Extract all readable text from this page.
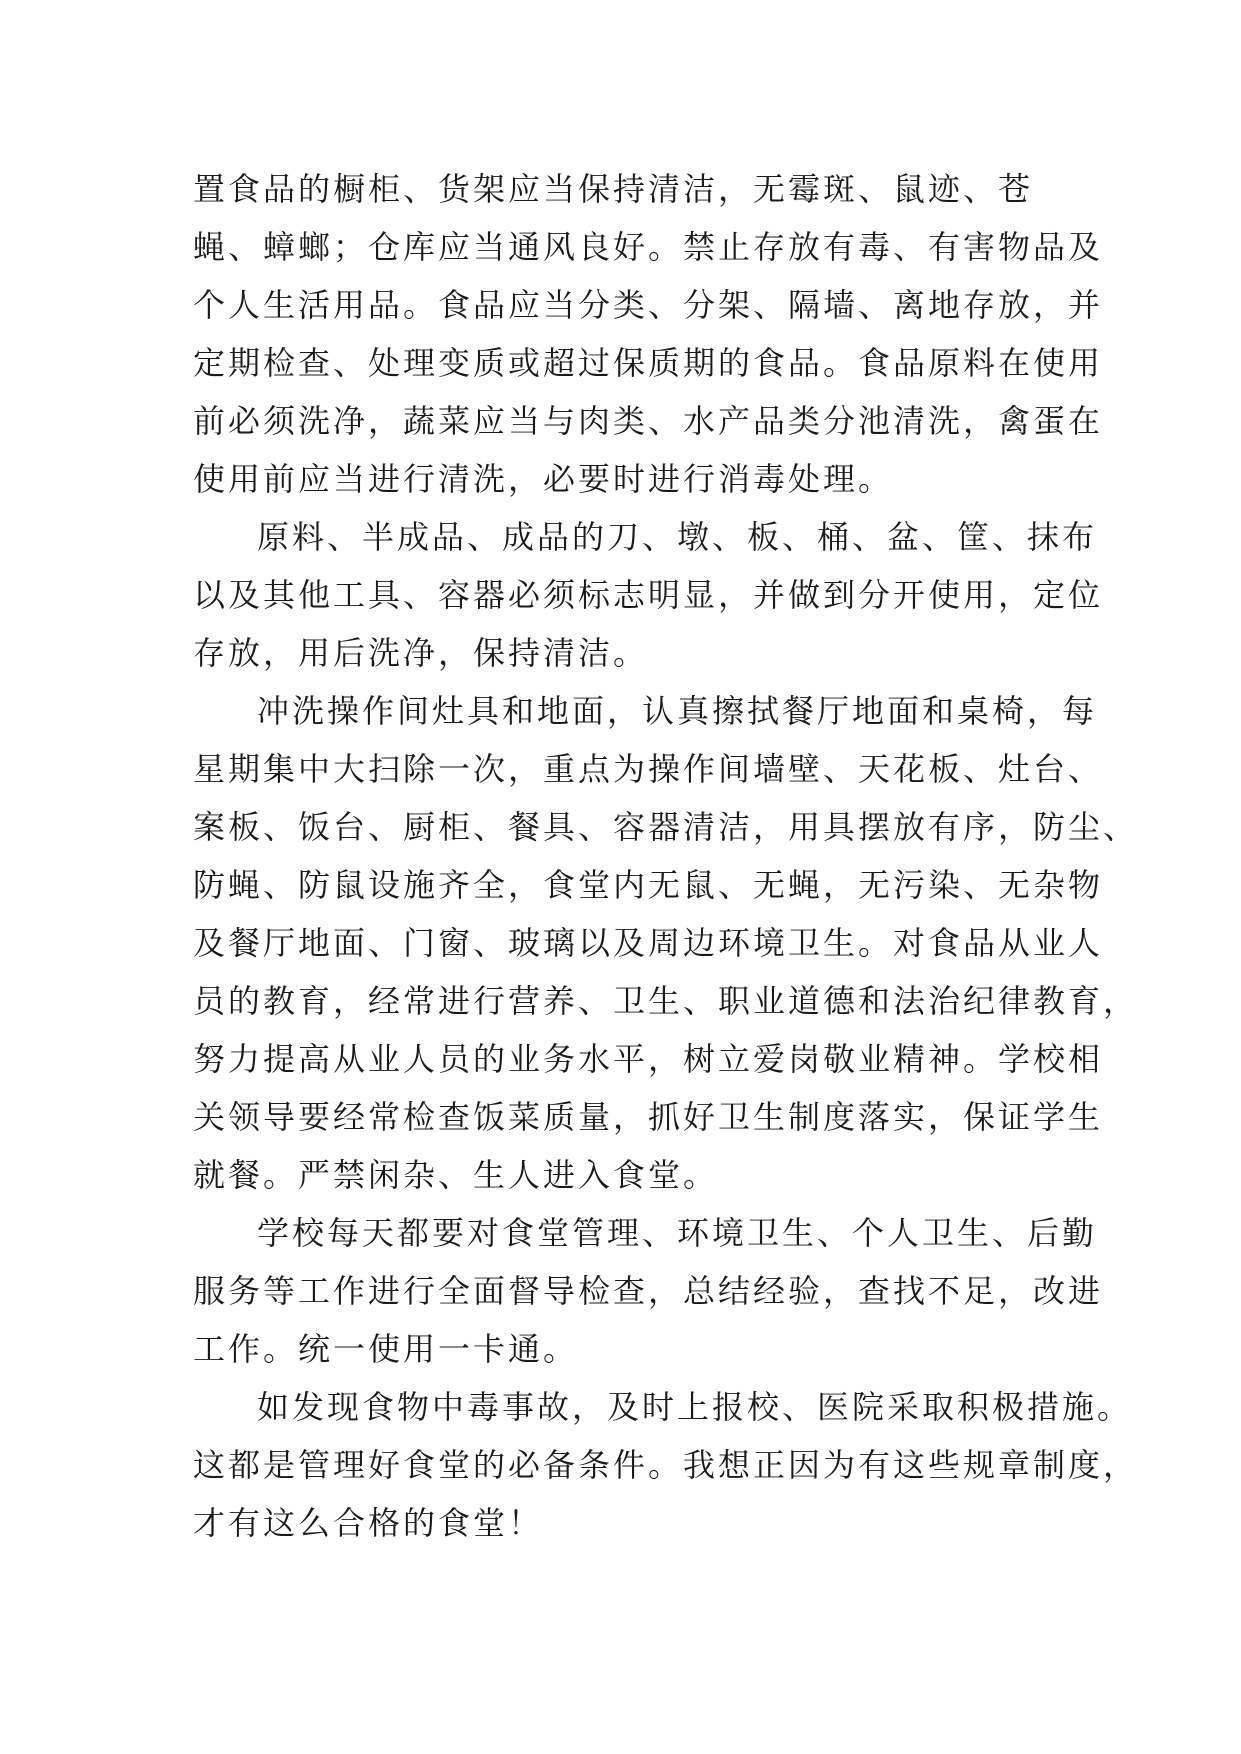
置食品的橱柜、货架应当保持清洁，无霉斑、鼠迹、苍
蝇、蟑螂；仓库应当通风良好。禁止存放有毒、有害物品及
个人生活用品。食品应当分类、分架、隔墙、离地存放，并
定期检查、处理变质或超过保质期的食品。食品原料在使用
前必须洗净，蔬菜应当与肉类、水产品类分池清洗，禽蛋在
使用前应当进行清洗，必要时进行消毒处理。
原料、半成品、成品的刀、墩、板、桶、盆、筐、抹布
以及其他工具、容器必须标志明显，并做到分开使用，定位
存放，用后洗净，保持清洁。
冲洗操作间灶具和地面，认真擦拭餐厅地面和桌椅，每
星期集中大扫除一次，重点为操作间墙壁、天花板、灶台、
案板、饭台、厨柜、餐具、容器清洁，用具摆放有序，防尘、
防蝇、防鼠设施齐全，食堂内无鼠、无蝇，无污染、无杂物
及餐厅地面、门窗、玻璃以及周边环境卫生。对食品从业人
员的教育，经常进行营养、卫生、职业道德和法治纪律教育，
努力提高从业人员的业务水平，树立爱岗敬业精神。学校相
关领导要经常检查饭菜质量，抓好卫生制度落实，保证学生
就餐。严禁闲杂、生人进入食堂。
学校每天都要对食堂管理、环境卫生、个人卫生、后勤
服务等工作进行全面督导检查，总结经验，查找不足，改进
工作。统一使用一卡通。
如发现食物中毒事故，及时上报校、医院采取积极措施。
这都是管理好食堂的必备条件。我想正因为有这些规章制度，
才有这么合格的食堂！
